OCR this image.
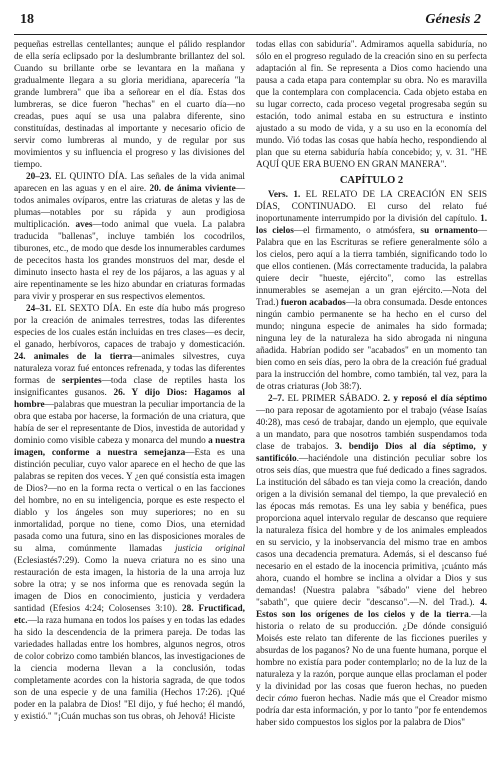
18	Génesis 2

pequeñas estrellas centellantes; aunque el pálido resplandor de ella sería eclipsado por la deslumbrante brillantez del sol. Cuando su brillante orbe se levantara en la mañana y gradualmente llegara a su gloria meridiana, aparecería "la grande lumbrera" que iba a señorear en el día. Estas dos lumbreras, se dice fueron "hechas" en el cuarto día—no creadas, pues aquí se usa una palabra diferente, sino constituídas, destinadas al importante y necesario oficio de servir como lumbreras al mundo, y de regular por sus movimientos y su influencia el progreso y las divisiones del tiempo.

20–23. EL QUINTO DÍA. Las señales de la vida animal aparecen en las aguas y en el aire. 20. de ánima viviente—todos animales ovíparos, entre las criaturas de aletas y las de plumas—notables por su rápida y aun prodigiosa multiplicación. aves—todo animal que vuela. La palabra traducida "ballenas", incluye también los cocodrilos, tiburones, etc., de modo que desde los innumerables cardumes de pececitos hasta los grandes monstruos del mar, desde el diminuto insecto hasta el rey de los pájaros, a las aguas y al aire repentinamente se les hizo abundar en criaturas formadas para vivir y prosperar en sus respectivos elementos.

24–31. EL SEXTO DÍA. En este día hubo más progreso por la creación de animales terrestres, todas las diferentes especies de los cuales están incluidas en tres clases—es decir, el ganado, herbívoros, capaces de trabajo y domesticación. 24. animales de la tierra—animales silvestres, cuya naturaleza voraz fué entonces refrenada, y todas las diferentes formas de serpientes—toda clase de reptiles hasta los insignificantes gusanos. 26. Y dijo Dios: Hagamos al hombre—palabras que muestran la peculiar importancia de la obra que estaba por hacerse, la formación de una criatura, que había de ser el representante de Dios, investida de autoridad y dominio como visible cabeza y monarca del mundo a nuestra imagen, conforme a nuestra semejanza—Esta es una distinción peculiar, cuyo valor aparece en el hecho de que las palabras se repiten dos veces. Y ¿en qué consistía esta imagen de Dios?—no en la forma recta o vertical o en las facciones del hombre, no en su inteligencia, porque es este respecto el diablo y los ángeles son muy superiores; no en su inmortalidad, porque no tiene, como Dios, una eternidad pasada como una futura, sino en las disposiciones morales de su alma, comúnmente llamadas justicia original (Eclesiastés7:29). Como la nueva criatura no es sino una restauración de esta imagen, la historia de la una arroja luz sobre la otra; y se nos informa que es renovada según la imagen de Dios en conocimiento, justicia y verdadera santidad (Efesios 4:24; Colosenses 3:10). 28. Fructificad, etc.—la raza humana en todos los países y en todas las edades ha sido la descendencia de la primera pareja. De todas las variedades halladas entre los hombres, algunos negros, otros de color cobrizo como también blancos, las investigaciones de la ciencia moderna llevan a la conclusión, todas completamente acordes con la historia sagrada, de que todos son de una especie y de una familia (Hechos 17:26). ¡Qué poder en la palabra de Dios! "El dijo, y fué hecho; él mandó, y existió." "¡Cuán muchas son tus obras, oh Jehová! Hiciste

todas ellas con sabiduría". Admiramos aquella sabiduría, no sólo en el progreso regulado de la creación sino en su perfecta adaptación al fin. Se representa a Dios como haciendo una pausa a cada etapa para contemplar su obra. No es maravilla que la contemplara con complacencia. Cada objeto estaba en su lugar correcto, cada proceso vegetal progresaba según su estación, todo animal estaba en su estructura e instinto ajustado a su modo de vida, y a su uso en la economía del mundo. Vió todas las cosas que había hecho, respondiendo al plan que su eterna sabiduría había concebido; y, v. 31. "HE AQUÍ QUE ERA BUENO EN GRAN MANERA".

CAPÍTULO 2

Vers. 1. EL RELATO DE LA CREACIÓN EN SEIS DÍAS, CONTINUADO. El curso del relato fué inoportunamente interrumpido por la división del capítulo. 1. los cielos—el firmamento, o atmósfera, su ornamento—Palabra que en las Escrituras se refiere generalmente sólo a los cielos, pero aquí a la tierra también, significando todo lo que ellos contienen. (Más correctamente traducida, la palabra quiere decir "hueste, ejército", como las estrellas innumerables se asemejan a un gran ejército.—Nota del Trad.) fueron acabados—la obra consumada. Desde entonces ningún cambio permanente se ha hecho en el curso del mundo; ninguna especie de animales ha sido formada; ninguna ley de la naturaleza ha sido abrogada ni ninguna añadida. Habrían podido ser "acabados" en un momento tan bien como en seis días, pero la obra de la creación fué gradual para la instrucción del hombre, como también, tal vez, para la de otras criaturas (Job 38:7).

2–7. EL PRIMER SÁBADO. 2. y reposó el día séptimo—no para reposar de agotamiento por el trabajo (véase Isaías 40:28), mas cesó de trabajar, dando un ejemplo, que equivale a un mandato, para que nosotros también suspendamos toda clase de trabajos. 3. bendijo Dios al día séptimo, y santificólo.—haciéndole una distinción peculiar sobre los otros seis días, que muestra que fué dedicado a fines sagrados. La institución del sábado es tan vieja como la creación, dando origen a la división semanal del tiempo, la que prevaleció en las épocas más remotas. Es una ley sabia y benéfica, pues proporciona aquel intervalo regular de descanso que requiere la naturaleza física del hombre y de los animales empleados en su servicio, y la inobservancia del mismo trae en ambos casos una decadencia prematura. Además, si el descanso fué necesario en el estado de la inocencia primitiva, ¡cuánto más ahora, cuando el hombre se inclina a olvidar a Dios y sus demandas! (Nuestra palabra "sábado" viene del hebreo "sabath", que quiere decir "descanso".—N. del Trad.). 4. Estos son los orígenes de los cielos y de la tierra.—la historia o relato de su producción. ¿De dónde consiguió Moisés este relato tan diferente de las ficciones pueriles y absurdas de los paganos? No de una fuente humana, porque el hombre no existía para poder contemplarlo; no de la luz de la naturaleza y la razón, porque aunque ellas proclaman el poder y la divinidad por las cosas que fueron hechas, no pueden decir cómo fueron hechas. Nadie más que el Creador mismo podría dar esta información, y por lo tanto "por fe entendemos haber sido compuestos los siglos por la palabra de Dios"
